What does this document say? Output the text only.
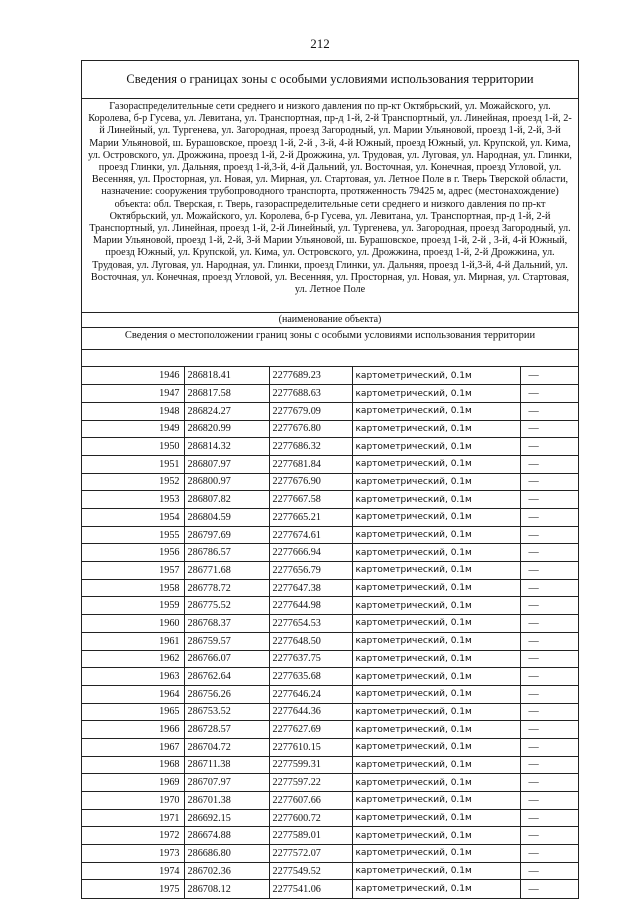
212
Сведения о границах зоны с особыми условиями использования территории
Газораспределительные сети среднего и низкого давления по пр-кт Октябрьский, ул. Можайского, ул. Королева, б-р Гусева, ул. Левитана, ул. Транспортная, пр-д 1-й, 2-й Транспортный, ул. Линейная, проезд 1-й, 2-й Линейный, ул. Тургенева, ул. Загородная, проезд Загородный, ул. Марии Ульяновой, проезд 1-й, 2-й, 3-й Марии Ульяновой, ш. Бурашовское, проезд 1-й, 2-й , 3-й, 4-й Южный, проезд Южный, ул. Крупской, ул. Кима, ул. Островского, ул. Дрожжина, проезд 1-й, 2-й Дрожжина, ул. Трудовая, ул. Луговая, ул. Народная, ул. Глинки, проезд Глинки, ул. Дальняя, проезд 1-й,3-й, 4-й Дальний, ул. Восточная, ул. Конечная, проезд Угловой, ул. Весенняя, ул. Просторная, ул. Новая, ул. Мирная, ул. Стартовая, ул. Летное Поле в г. Тверь Тверской области, назначение: сооружения трубопроводного транспорта, протяженность 79425 м, адрес (местонахождение) объекта: обл. Тверская, г. Тверь, газораспределительные сети среднего и низкого давления по пр-кт Октябрьский, ул. Можайского, ул. Королева, б-р Гусева, ул. Левитана, ул. Транспортная, пр-д 1-й, 2-й Транспортный, ул. Линейная, проезд 1-й, 2-й Линейный, ул. Тургенева, ул. Загородная, проезд Загородный, ул. Марии Ульяновой, проезд 1-й, 2-й, 3-й Марии Ульяновой, ш. Бурашовское, проезд 1-й, 2-й , 3-й, 4-й Южный, проезд Южный, ул. Крупской, ул. Кима, ул. Островского, ул. Дрожжина, проезд 1-й, 2-й Дрожжина, ул. Трудовая, ул. Луговая, ул. Народная, ул. Глинки, проезд Глинки, ул. Дальняя, проезд 1-й,3-й, 4-й Дальний, ул. Восточная, ул. Конечная, проезд Угловой, ул. Весенняя, ул. Просторная, ул. Новая, ул. Мирная, ул. Стартовая, ул. Летное Поле
(наименование объекта)
Сведения о местоположении границ зоны с особыми условиями использования территории
1946	286818.41	2277689.23	картометрический, 0.1м	—
1947	286817.58	2277688.63	картометрический, 0.1м	—
1948	286824.27	2277679.09	картометрический, 0.1м	—
1949	286820.99	2277676.80	картометрический, 0.1м	—
1950	286814.32	2277686.32	картометрический, 0.1м	—
1951	286807.97	2277681.84	картометрический, 0.1м	—
1952	286800.97	2277676.90	картометрический, 0.1м	—
1953	286807.82	2277667.58	картометрический, 0.1м	—
1954	286804.59	2277665.21	картометрический, 0.1м	—
1955	286797.69	2277674.61	картометрический, 0.1м	—
1956	286786.57	2277666.94	картометрический, 0.1м	—
1957	286771.68	2277656.79	картометрический, 0.1м	—
1958	286778.72	2277647.38	картометрический, 0.1м	—
1959	286775.52	2277644.98	картометрический, 0.1м	—
1960	286768.37	2277654.53	картометрический, 0.1м	—
1961	286759.57	2277648.50	картометрический, 0.1м	—
1962	286766.07	2277637.75	картометрический, 0.1м	—
1963	286762.64	2277635.68	картометрический, 0.1м	—
1964	286756.26	2277646.24	картометрический, 0.1м	—
1965	286753.52	2277644.36	картометрический, 0.1м	—
1966	286728.57	2277627.69	картометрический, 0.1м	—
1967	286704.72	2277610.15	картометрический, 0.1м	—
1968	286711.38	2277599.31	картометрический, 0.1м	—
1969	286707.97	2277597.22	картометрический, 0.1м	—
1970	286701.38	2277607.66	картометрический, 0.1м	—
1971	286692.15	2277600.72	картометрический, 0.1м	—
1972	286674.88	2277589.01	картометрический, 0.1м	—
1973	286686.80	2277572.07	картометрический, 0.1м	—
1974	286702.36	2277549.52	картометрический, 0.1м	—
1975	286708.12	2277541.06	картометрический, 0.1м	—
